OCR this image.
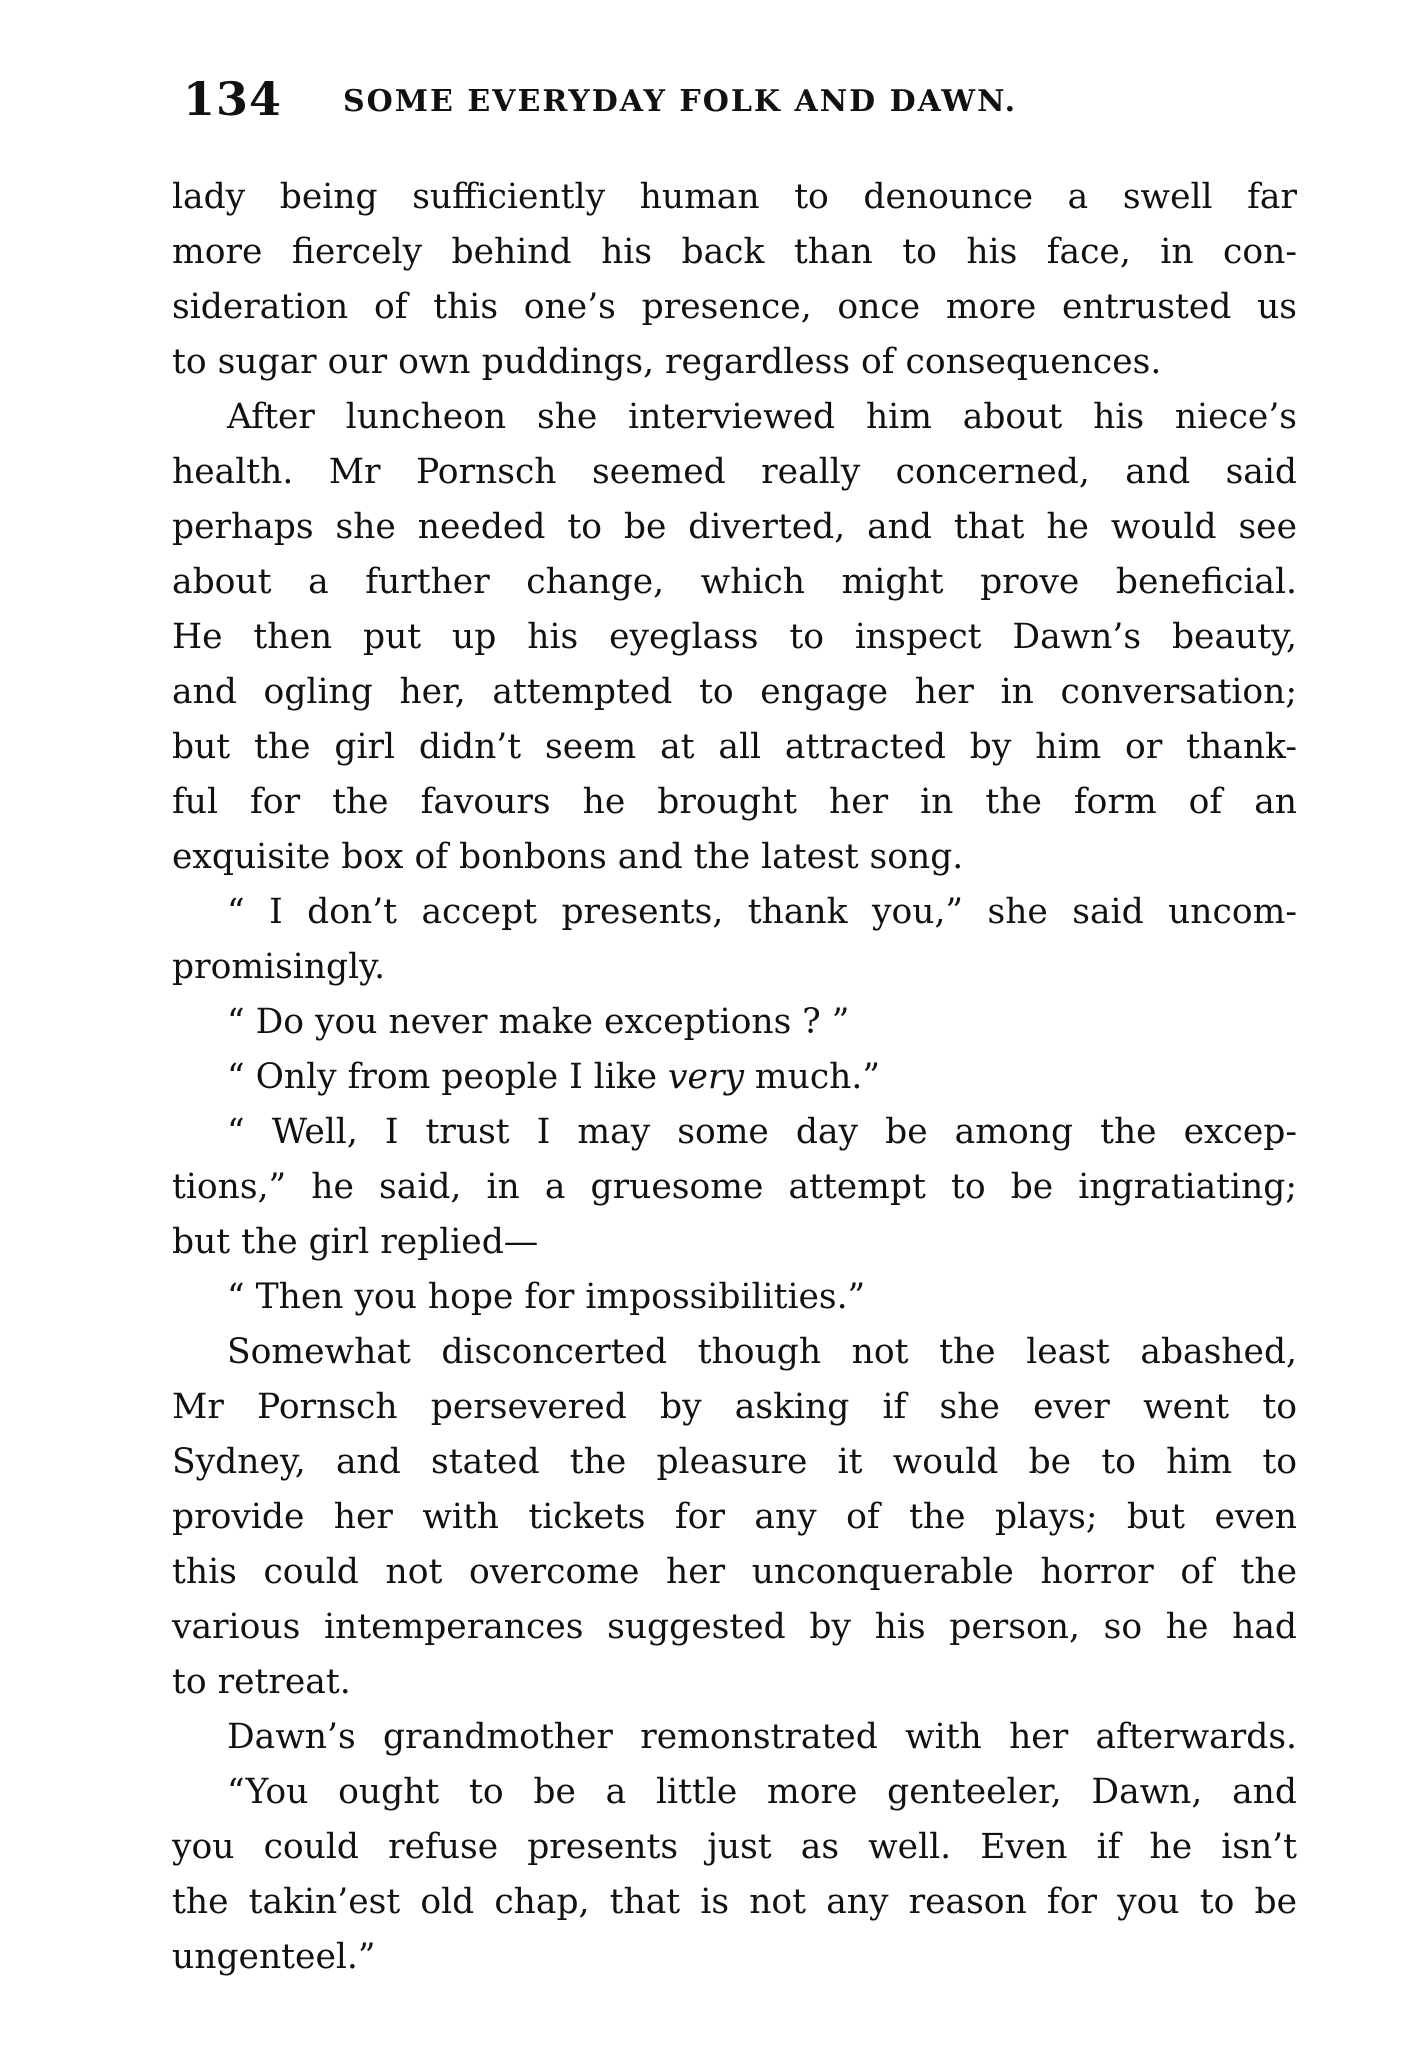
134 SOME EVERYDAY FOLK AND DAWN.
lady being sufficiently human to denounce a swell far
more fiercely behind his back than to his face, in con-
sideration of this one’s presence, once more entrusted us
to sugar our own puddings, regardless of consequences.
After luncheon she interviewed him about his niece’s
health. Mr Pornsch seemed really concerned, and said
perhaps she needed to be diverted, and that he would see
about a further change, which might prove beneficial.
He then put up his eyeglass to inspect Dawn’s beauty,
and ogling her, attempted to engage her in conversation;
but the girl didn’t seem at all attracted by him or thank-
ful for the favours he brought her in the form of an
exquisite box of bonbons and the latest song.
“ I don’t accept presents, thank you,” she said uncom-
promisingly.
“ Do you never make exceptions ? ”
“ Only from people I like very much.”
“ Well, I trust I may some day be among the excep-
tions,” he said, in a gruesome attempt to be ingratiating;
but the girl replied—
“ Then you hope for impossibilities.”
Somewhat disconcerted though not the least abashed,
Mr Pornsch persevered by asking if she ever went to
Sydney, and stated the pleasure it would be to him to
provide her with tickets for any of the plays; but even
this could not overcome her unconquerable horror of the
various intemperances suggested by his person, so he had
to retreat.
Dawn’s grandmother remonstrated with her afterwards.
“You ought to be a little more genteeler, Dawn, and
you could refuse presents just as well. Even if he isn’t
the takin’est old chap, that is not any reason for you to be
ungenteel.”
